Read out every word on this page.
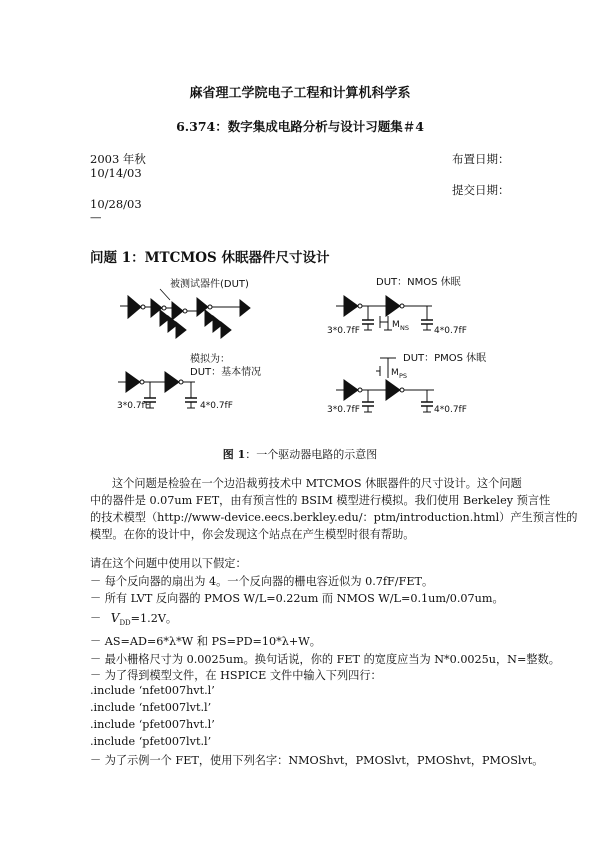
麻省理工学院电子工程和计算机科学系
6.374：数字集成电路分析与设计习题集＃4
2003 年秋	布置日期：
10/14/03
提交日期：
10/28/03
—
问题 1：MTCMOS 休眠器件尺寸设计
被测试器件(DUT)
模拟为：
DUT：基本情况
3*0.7fF	4*0.7fF
DUT：NMOS 休眠
M NS
3*0.7fF	4*0.7fF
DUT：PMOS 休眠
M PS
3*0.7fF	4*0.7fF
图 1：一个驱动器电路的示意图
这个问题是检验在一个边沿裁剪技术中 MTCMOS 休眠器件的尺寸设计。这个问题
中的器件是 0.07um FET，由有预言性的 BSIM 模型进行模拟。我们使用 Berkeley 预言性
的技术模型（http://www-device.eecs.berkley.edu/：ptm/introduction.html）产生预言性的
模型。在你的设计中，你会发现这个站点在产生模型时很有帮助。
请在这个问题中使用以下假定：
－ 每个反向器的扇出为 4。一个反向器的栅电容近似为 0.7fF/FET。
－ 所有 LVT 反向器的 PMOS W/L=0.22um 而 NMOS W/L=0.1um/0.07um。
－ $V_{DD}=1.2V$。
－ AS=AD=6*λ*W 和 PS=PD=10*λ+W。
－ 最小栅格尺寸为 0.0025um。换句话说，你的 FET 的宽度应当为 N*0.0025u，N=整数。
－ 为了得到模型文件，在 HSPICE 文件中输入下列四行：
.include ‘nfet007hvt.l’
.include ‘nfet007lvt.l’
.include ‘pfet007hvt.l’
.include ‘pfet007lvt.l’
－ 为了示例一个 FET，使用下列名字：NMOShvt，PMOSlvt，PMOShvt，PMOSlvt。
